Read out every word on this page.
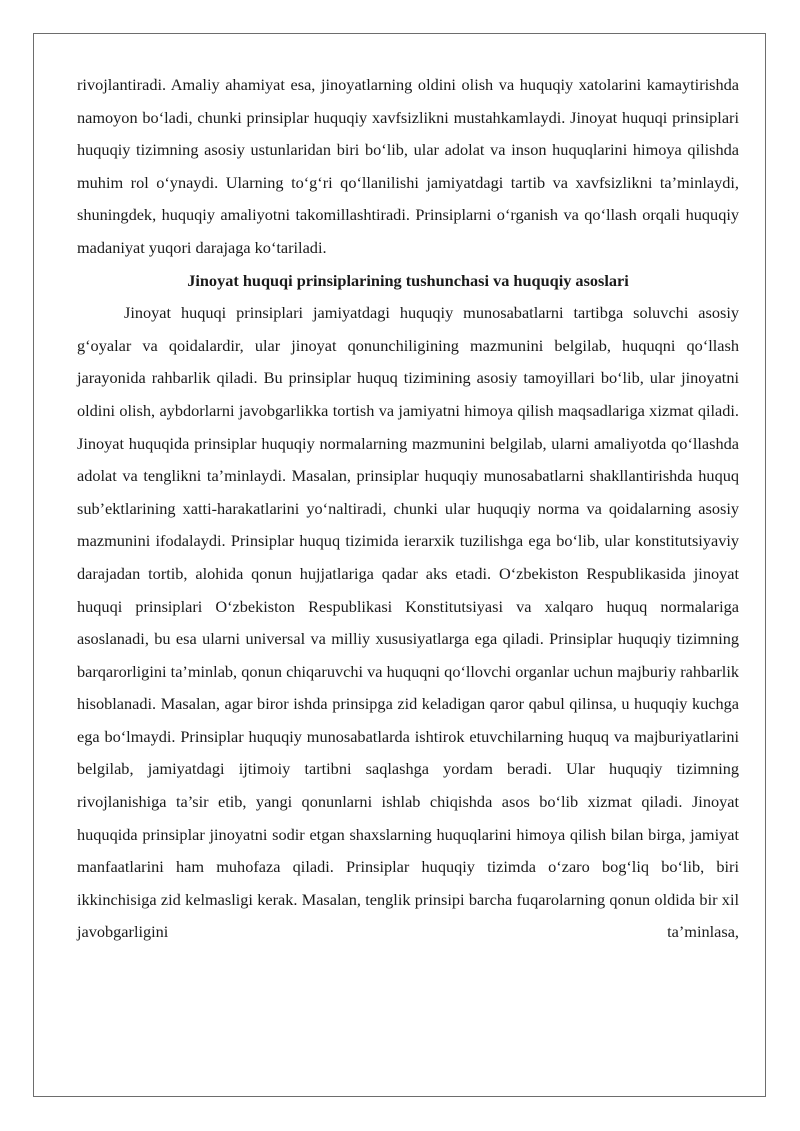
rivojlantiradi. Amaliy ahamiyat esa, jinoyatlarning oldini olish va huquqiy xatolarini kamaytirishda namoyon bo‘ladi, chunki prinsiplar huquqiy xavfsizlikni mustahkamlaydi. Jinoyat huquqi prinsiplari huquqiy tizimning asosiy ustunlaridan biri bo‘lib, ular adolat va inson huquqlarini himoya qilishda muhim rol o‘ynaydi. Ularning to‘g‘ri qo‘llanilishi jamiyatdagi tartib va xavfsizlikni ta’minlaydi, shuningdek, huquqiy amaliyotni takomillashtiradi. Prinsiplarni o‘rganish va qo‘llash orqali huquqiy madaniyat yuqori darajaga ko‘tariladi.

Jinoyat huquqi prinsiplarining tushunchasi va huquqiy asoslari

Jinoyat huquqi prinsiplari jamiyatdagi huquqiy munosabatlarni tartibga soluvchi asosiy g‘oyalar va qoidalardir, ular jinoyat qonunchiligining mazmunini belgilab, huquqni qo‘llash jarayonida rahbarlik qiladi. Bu prinsiplar huquq tizimining asosiy tamoyillari bo‘lib, ular jinoyatni oldini olish, aybdorlarni javobgarlikka tortish va jamiyatni himoya qilish maqsadlariga xizmat qiladi. Jinoyat huquqida prinsiplar huquqiy normalarning mazmunini belgilab, ularni amaliyotda qo‘llashda adolat va tenglikni ta’minlaydi. Masalan, prinsiplar huquqiy munosabatlarni shakllantirishda huquq sub’ektlarining xatti-harakatlarini yo‘naltiradi, chunki ular huquqiy norma va qoidalarning asosiy mazmunini ifodalaydi. Prinsiplar huquq tizimida ierarxik tuzilishga ega bo‘lib, ular konstitutsiyaviy darajadan tortib, alohida qonun hujjatlariga qadar aks etadi. O‘zbekiston Respublikasida jinoyat huquqi prinsiplari O‘zbekiston Respublikasi Konstitutsiyasi va xalqaro huquq normalariga asoslanadi, bu esa ularni universal va milliy xususiyatlarga ega qiladi. Prinsiplar huquqiy tizimning barqarorligini ta’minlab, qonun chiqaruvchi va huquqni qo‘llovchi organlar uchun majburiy rahbarlik hisoblanadi. Masalan, agar biror ishda prinsipga zid keladigan qaror qabul qilinsa, u huquqiy kuchga ega bo‘lmaydi. Prinsiplar huquqiy munosabatlarda ishtirok etuvchilarning huquq va majburiyatlarini belgilab, jamiyatdagi ijtimoiy tartibni saqlashga yordam beradi. Ular huquqiy tizimning rivojlanishiga ta’sir etib, yangi qonunlarni ishlab chiqishda asos bo‘lib xizmat qiladi. Jinoyat huquqida prinsiplar jinoyatni sodir etgan shaxslarning huquqlarini himoya qilish bilan birga, jamiyat manfaatlarini ham muhofaza qiladi. Prinsiplar huquqiy tizimda o‘zaro bog‘liq bo‘lib, biri ikkinchisiga zid kelmasligi kerak. Masalan, tenglik prinsipi barcha fuqarolarning qonun oldida bir xil javobgarligini ta’minlasa,
